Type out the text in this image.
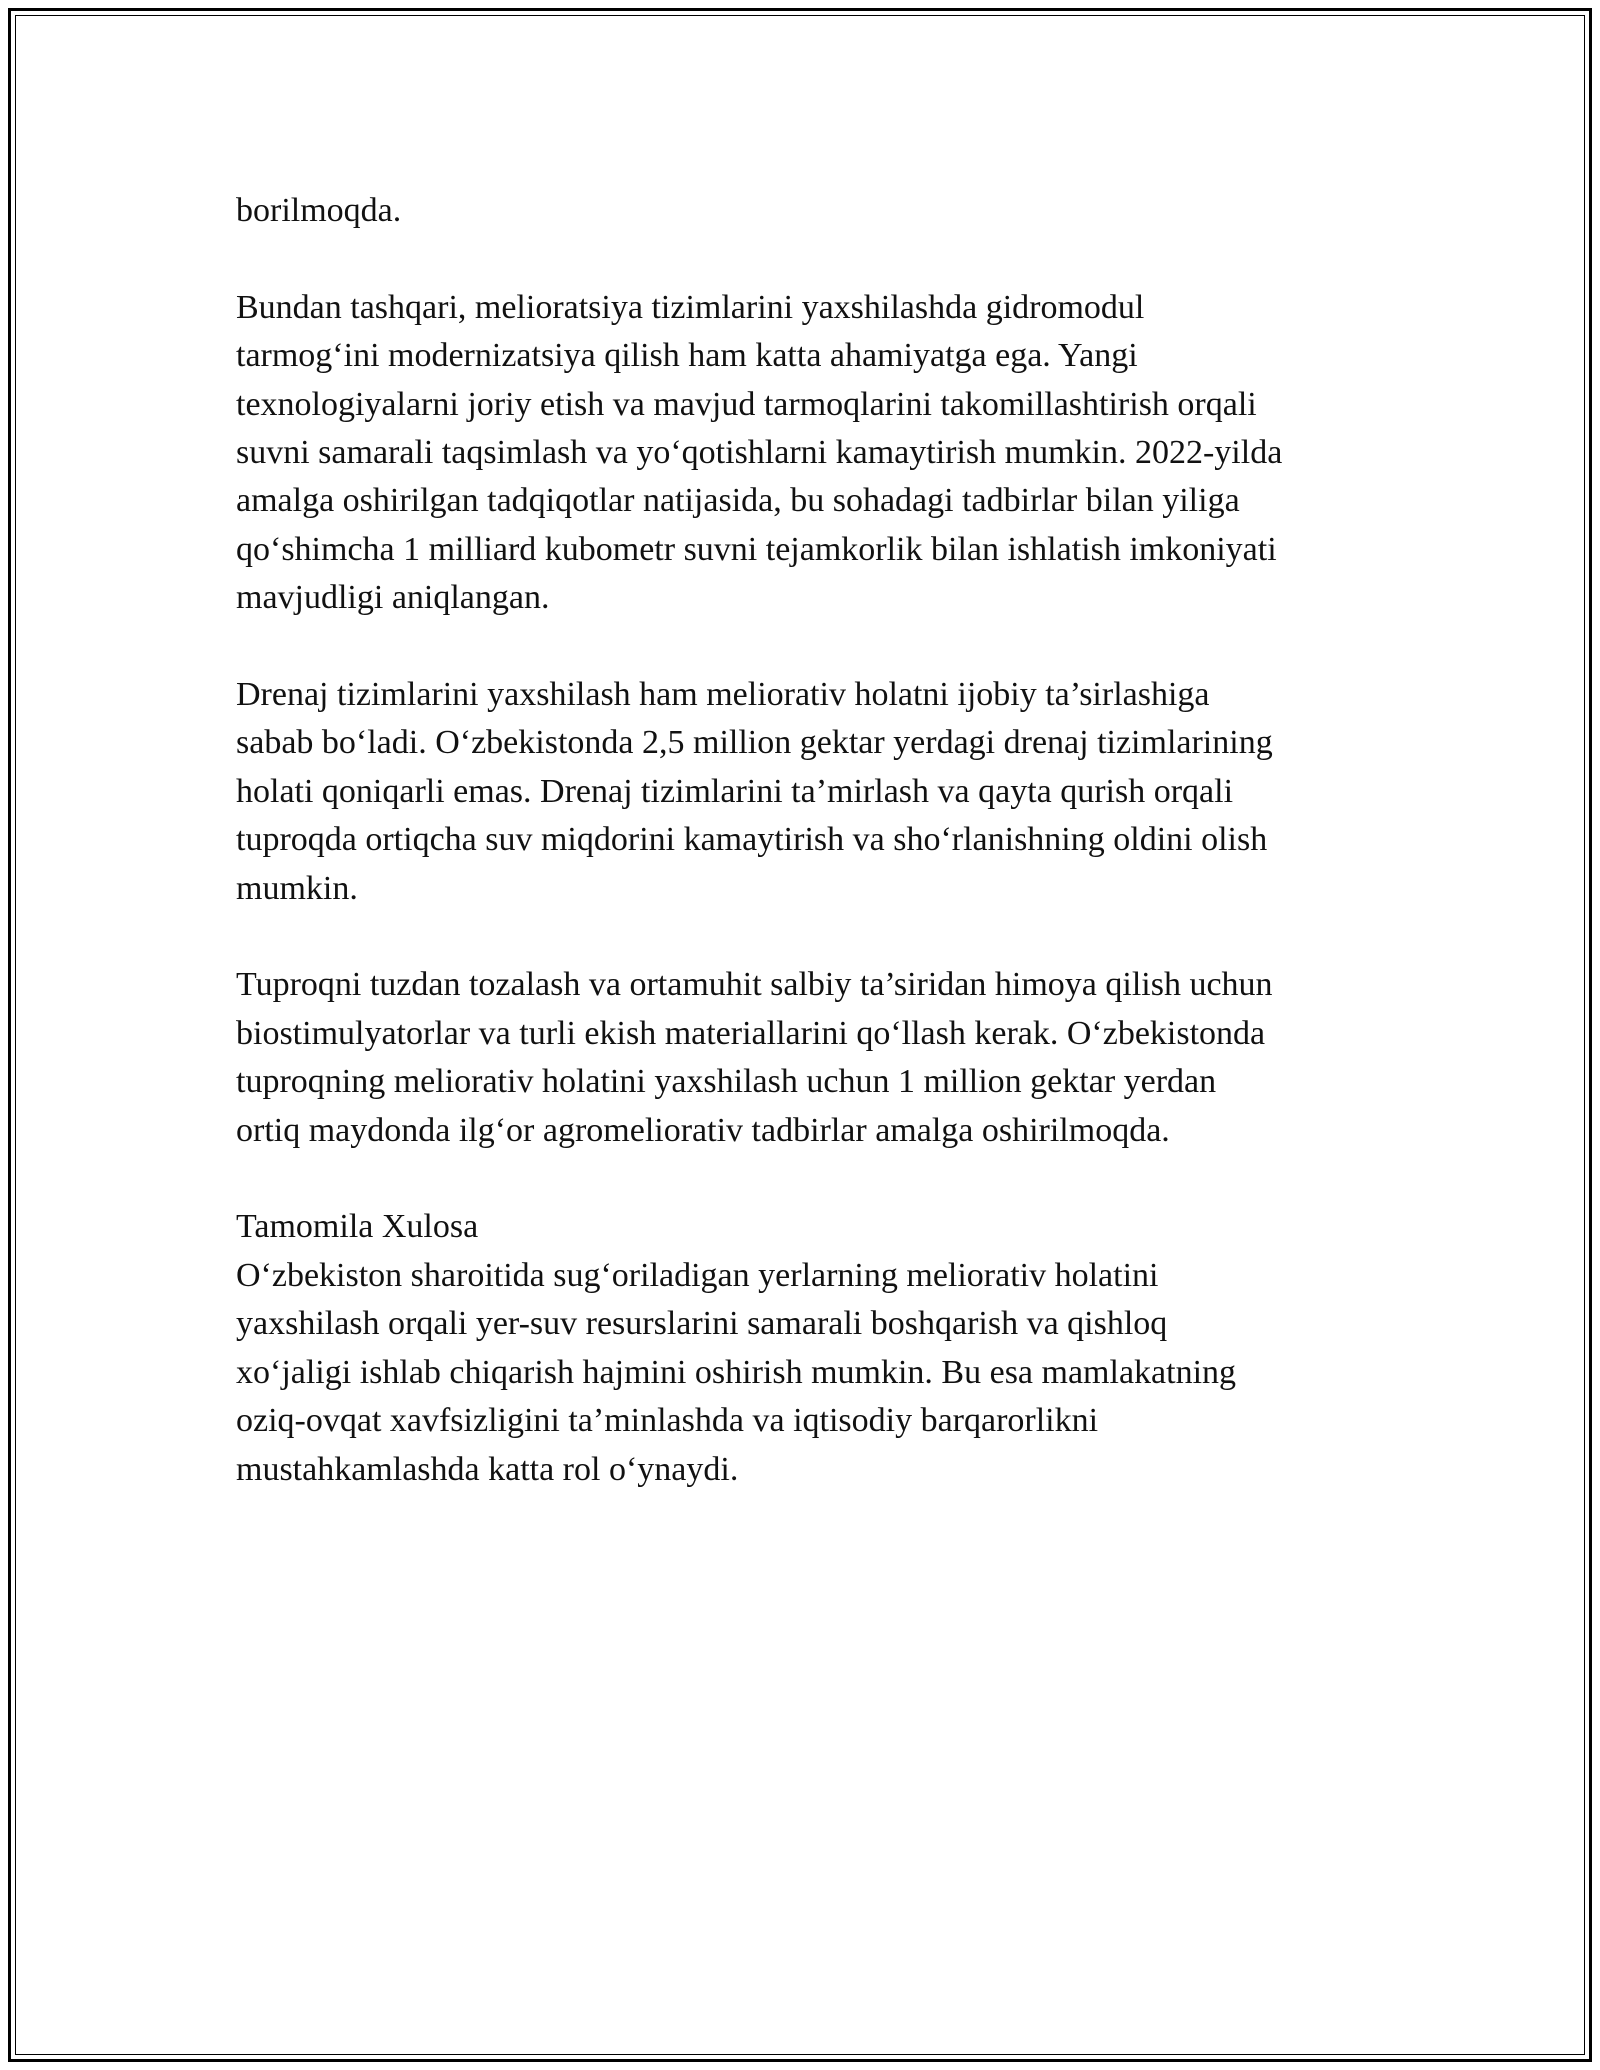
borilmoqda.

Bundan tashqari, melioratsiya tizimlarini yaxshilashda gidromodul

tarmog‘ini modernizatsiya qilish ham katta ahamiyatga ega. Yangi

texnologiyalarni joriy etish va mavjud tarmoqlarini takomillashtirish orqali

suvni samarali taqsimlash va yo‘qotishlarni kamaytirish mumkin. 2022-yilda

amalga oshirilgan tadqiqotlar natijasida, bu sohadagi tadbirlar bilan yiliga

qo‘shimcha 1 milliard kubometr suvni tejamkorlik bilan ishlatish imkoniyati

mavjudligi aniqlangan.

Drenaj tizimlarini yaxshilash ham meliorativ holatni ijobiy ta’sirlashiga

sabab bo‘ladi. O‘zbekistonda 2,5 million gektar yerdagi drenaj tizimlarining

holati qoniqarli emas. Drenaj tizimlarini ta’mirlash va qayta qurish orqali

tuproqda ortiqcha suv miqdorini kamaytirish va sho‘rlanishning oldini olish

mumkin.

Tuproqni tuzdan tozalash va ortamuhit salbiy ta’siridan himoya qilish uchun

biostimulyatorlar va turli ekish materiallarini qo‘llash kerak. O‘zbekistonda

tuproqning meliorativ holatini yaxshilash uchun 1 million gektar yerdan

ortiq maydonda ilg‘or agromeliorativ tadbirlar amalga oshirilmoqda.

Tamomila Xulosa

O‘zbekiston sharoitida sug‘oriladigan yerlarning meliorativ holatini

yaxshilash orqali yer-suv resurslarini samarali boshqarish va qishloq

xo‘jaligi ishlab chiqarish hajmini oshirish mumkin. Bu esa mamlakatning

oziq-ovqat xavfsizligini ta’minlashda va iqtisodiy barqarorlikni

mustahkamlashda katta rol o‘ynaydi.
